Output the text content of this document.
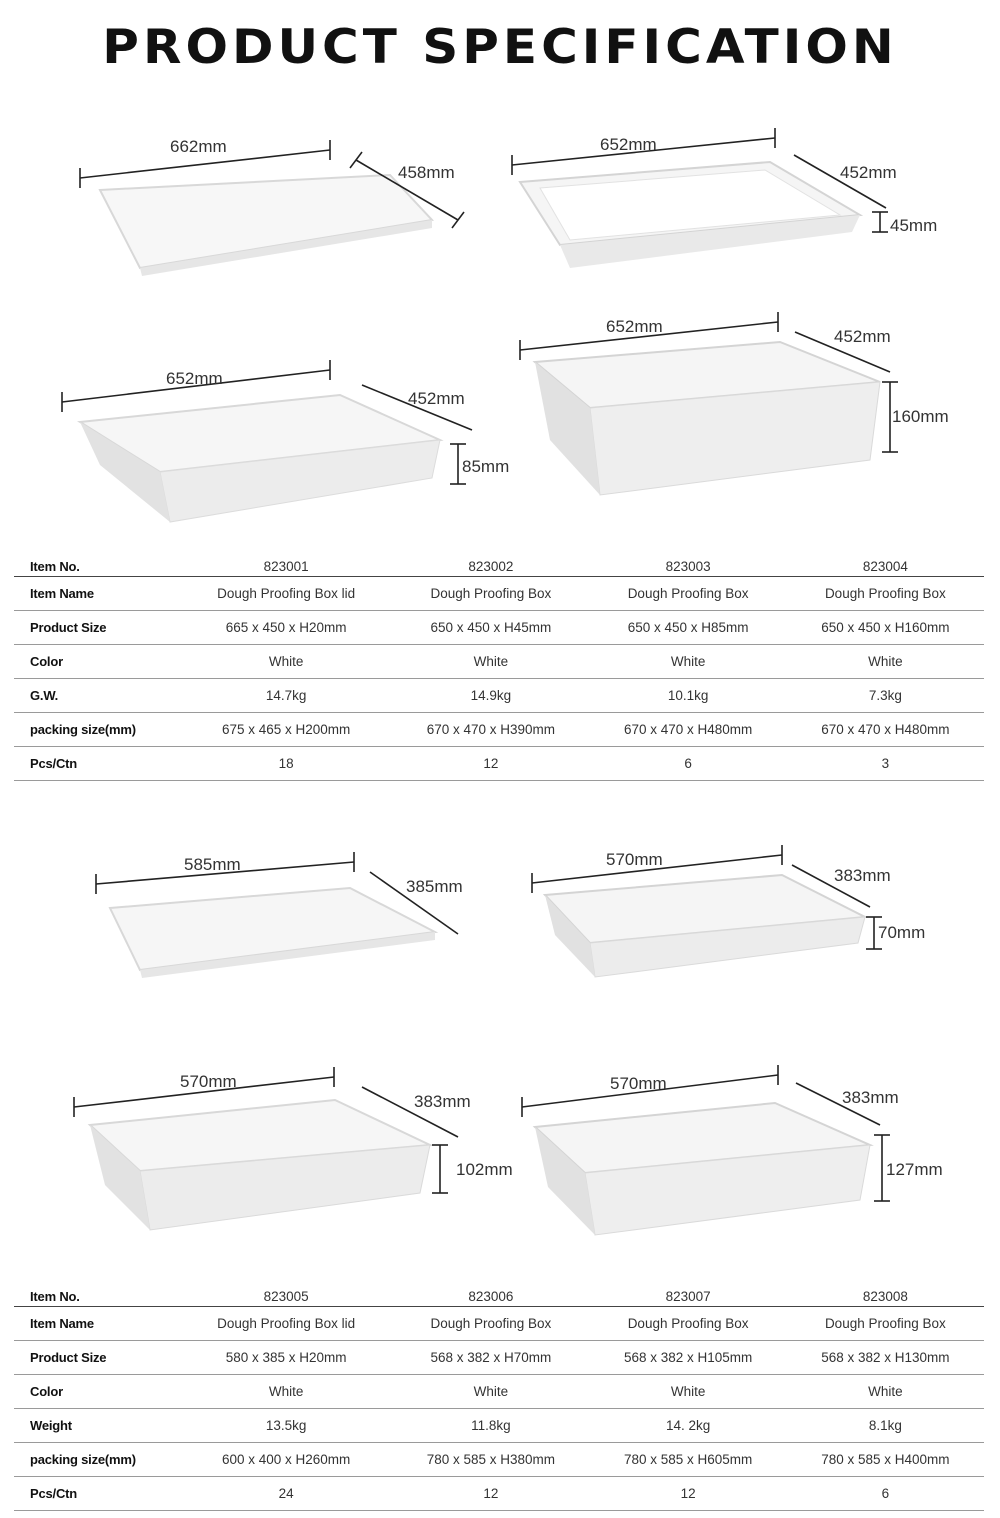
PRODUCT SPECIFICATION
662mm
458mm
652mm
452mm
45mm
652mm
452mm
85mm
652mm
452mm
160mm
Item No.	823001	823002	823003	823004
Item Name	Dough Proofing Box lid	Dough Proofing Box	Dough Proofing Box	Dough Proofing Box
Product Size	665 x 450 x H20mm	650 x 450 x H45mm	650 x 450 x H85mm	650 x 450 x H160mm
Color	White	White	White	White
G.W.	14.7kg	14.9kg	10.1kg	7.3kg
packing size(mm)	675 x 465 x H200mm	670 x 470 x H390mm	670 x 470 x H480mm	670 x 470 x H480mm
Pcs/Ctn	18	12	6	3
585mm
385mm
570mm
383mm
70mm
570mm
383mm
102mm
570mm
383mm
127mm
Item No.	823005	823006	823007	823008
Item Name	Dough Proofing Box lid	Dough Proofing Box	Dough Proofing Box	Dough Proofing Box
Product Size	580 x 385 x H20mm	568 x 382 x H70mm	568 x 382 x H105mm	568 x 382 x H130mm
Color	White	White	White	White
Weight	13.5kg	11.8kg	14. 2kg	8.1kg
packing size(mm)	600 x 400 x H260mm	780 x 585 x H380mm	780 x 585 x H605mm	780 x 585 x H400mm
Pcs/Ctn	24	12	12	6
